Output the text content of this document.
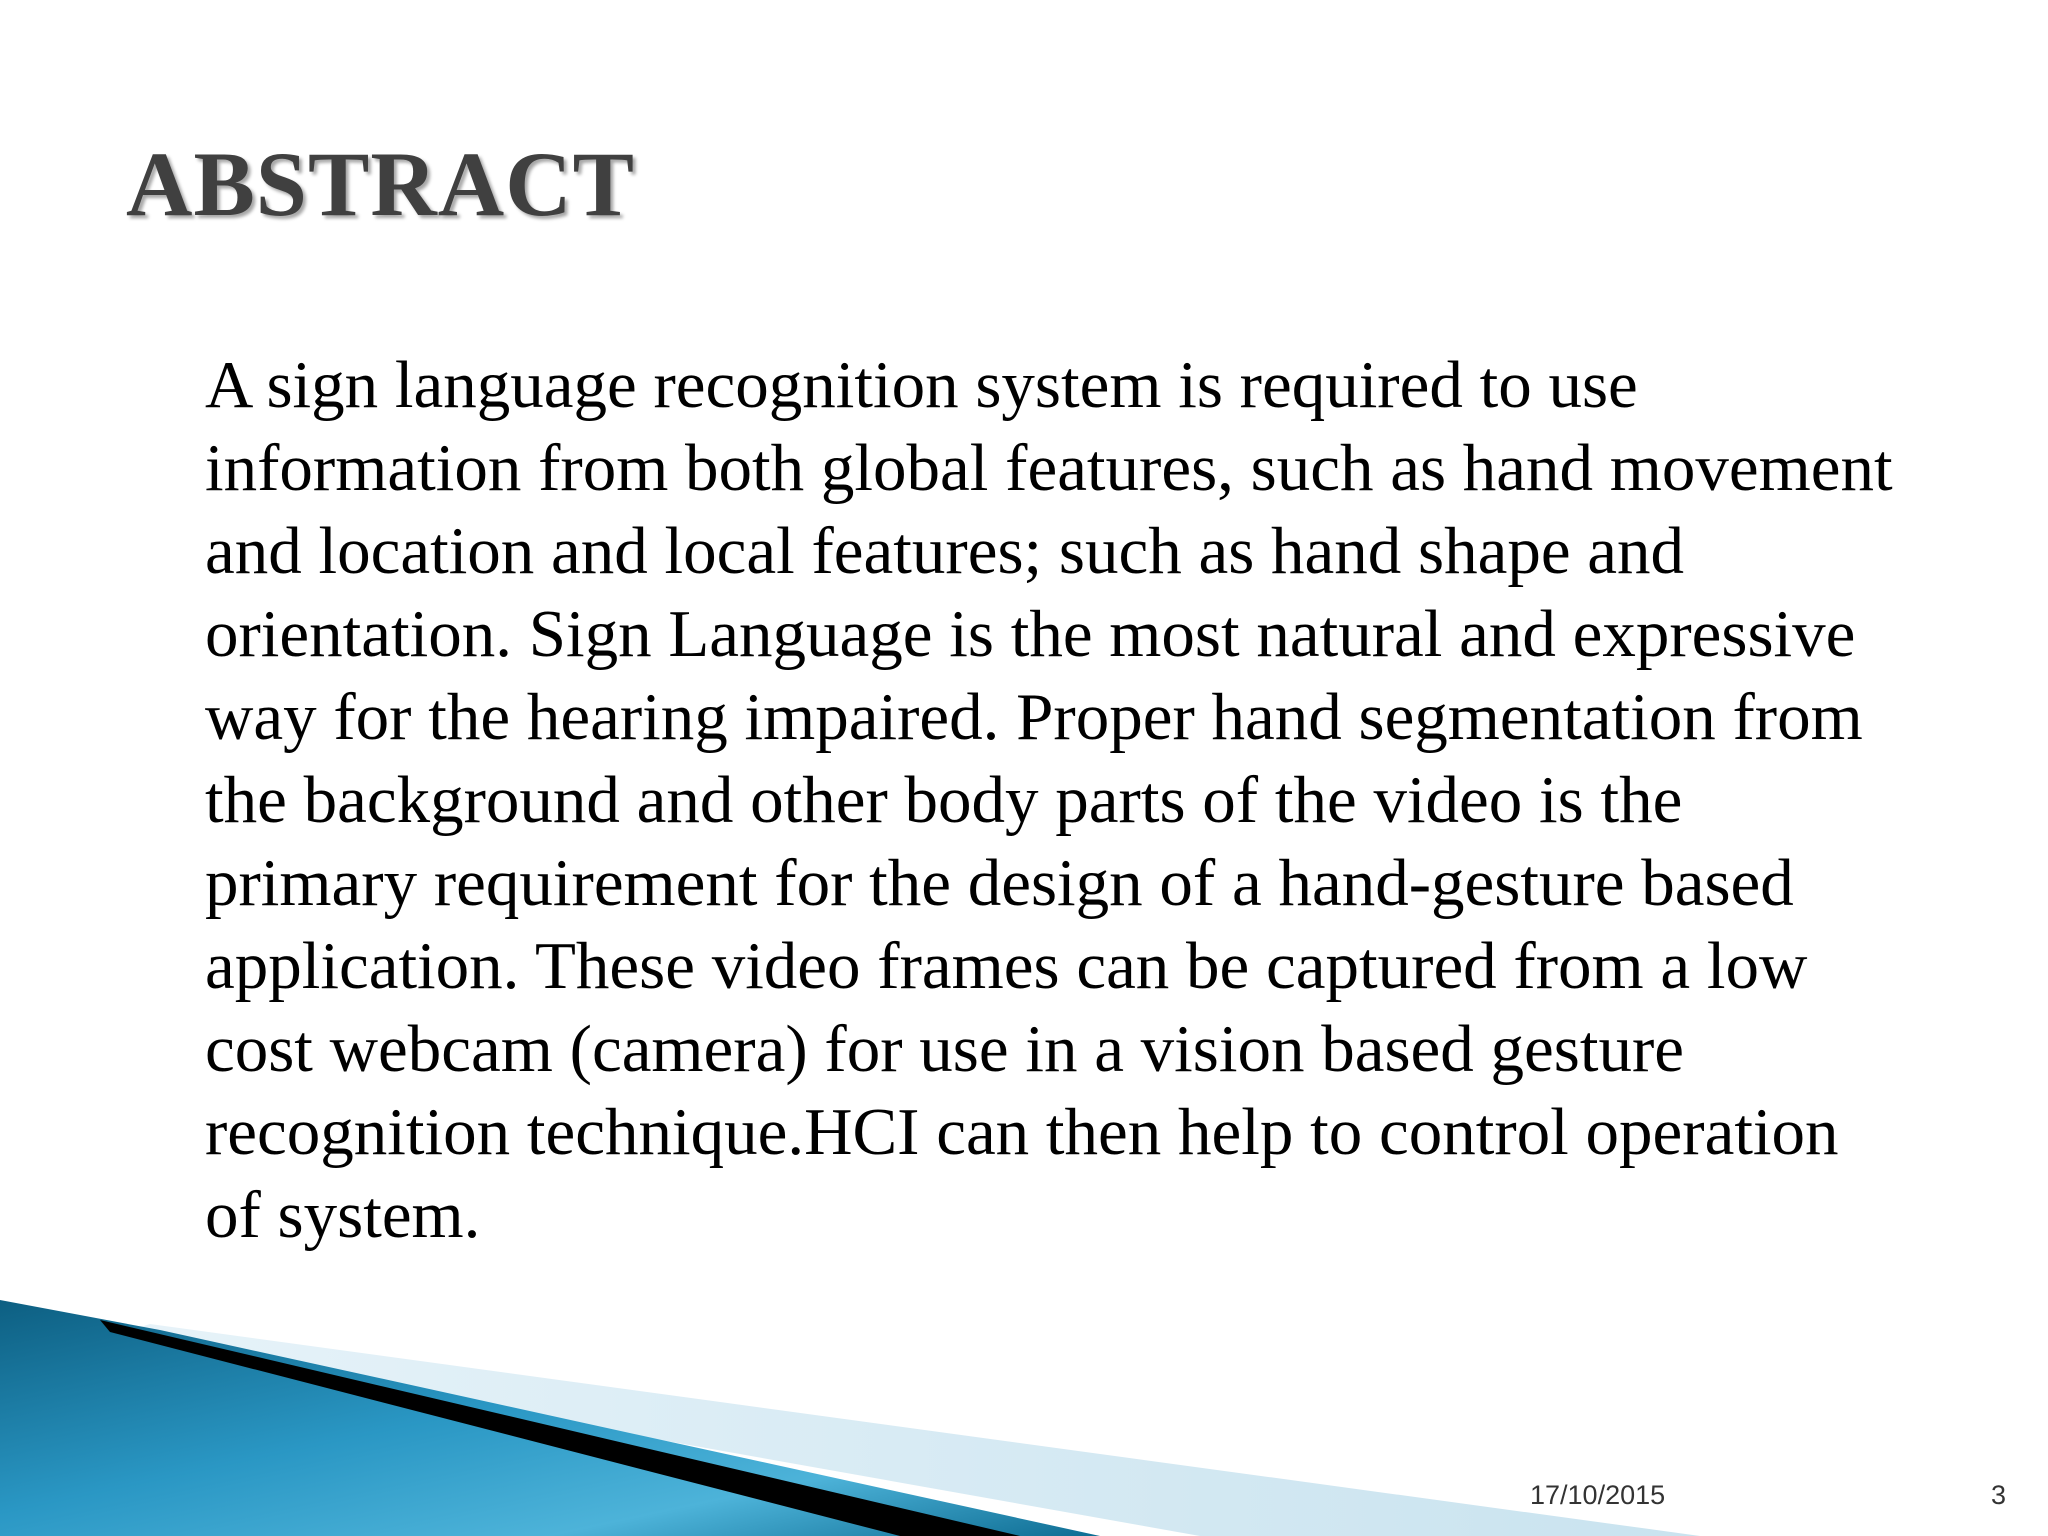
ABSTRACT

A sign language recognition system is required to use
information from both global features, such as hand movement
and location and local features; such as hand shape and
orientation. Sign Language is the most natural and expressive
way for the hearing impaired. Proper hand segmentation from
the background and other body parts of the video is the
primary requirement for the design of a hand-gesture based
application. These video frames can be captured from a low
cost webcam (camera) for use in a vision based gesture
recognition technique.HCI can then help to control operation
of system.

17/10/2015	3
